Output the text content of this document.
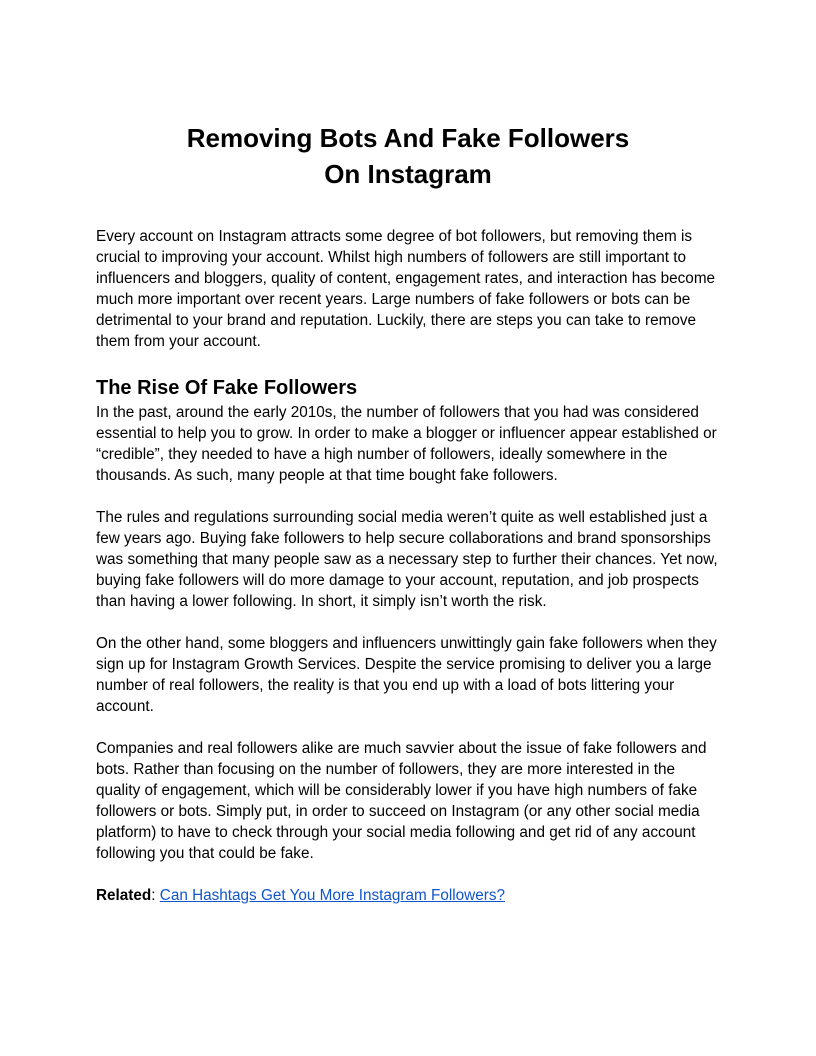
Removing Bots And Fake Followers On Instagram

Every account on Instagram attracts some degree of bot followers, but removing them is crucial to improving your account. Whilst high numbers of followers are still important to influencers and bloggers, quality of content, engagement rates, and interaction has become much more important over recent years. Large numbers of fake followers or bots can be detrimental to your brand and reputation. Luckily, there are steps you can take to remove them from your account.

The Rise Of Fake Followers

In the past, around the early 2010s, the number of followers that you had was considered essential to help you to grow. In order to make a blogger or influencer appear established or “credible”, they needed to have a high number of followers, ideally somewhere in the thousands. As such, many people at that time bought fake followers.

The rules and regulations surrounding social media weren’t quite as well established just a few years ago. Buying fake followers to help secure collaborations and brand sponsorships was something that many people saw as a necessary step to further their chances. Yet now, buying fake followers will do more damage to your account, reputation, and job prospects than having a lower following. In short, it simply isn’t worth the risk.

On the other hand, some bloggers and influencers unwittingly gain fake followers when they sign up for Instagram Growth Services. Despite the service promising to deliver you a large number of real followers, the reality is that you end up with a load of bots littering your account.

Companies and real followers alike are much savvier about the issue of fake followers and bots. Rather than focusing on the number of followers, they are more interested in the quality of engagement, which will be considerably lower if you have high numbers of fake followers or bots. Simply put, in order to succeed on Instagram (or any other social media platform) to have to check through your social media following and get rid of any account following you that could be fake.

Related: Can Hashtags Get You More Instagram Followers?
